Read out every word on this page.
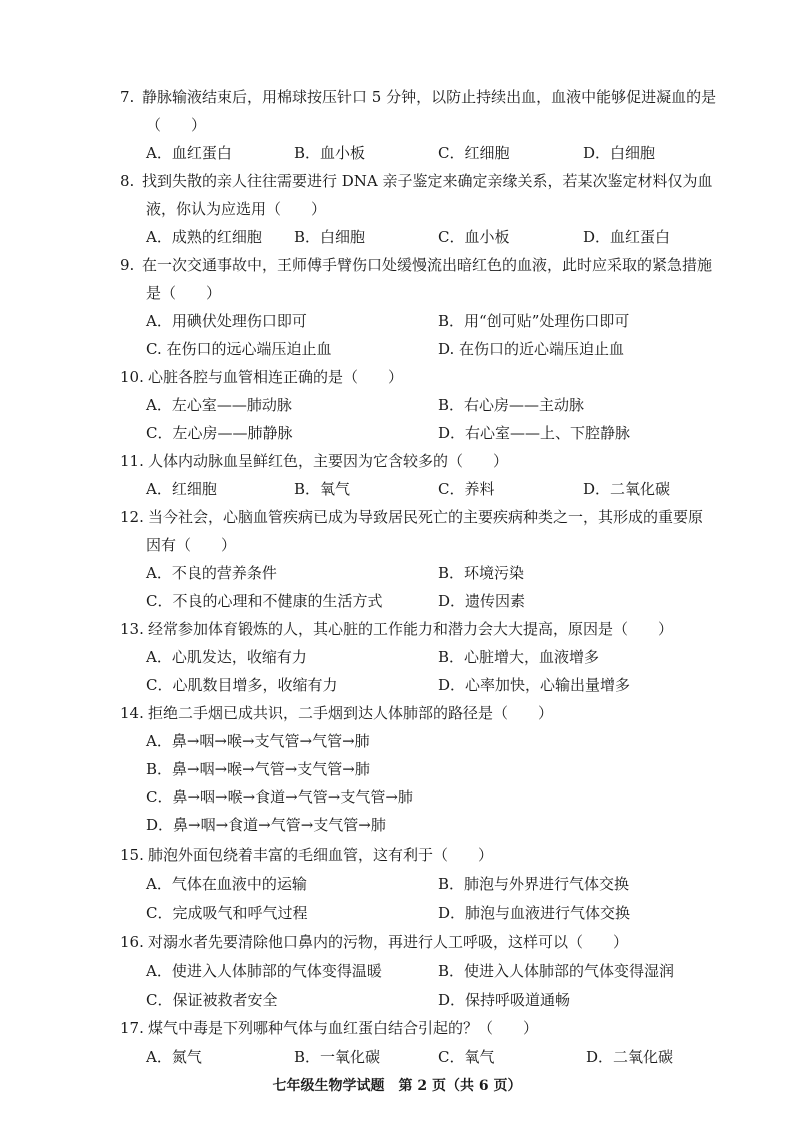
7. 静脉输液结束后，用棉球按压针口 5 分钟，以防止持续出血，血液中能够促进凝血的是
（　　）
A．血红蛋白	B．血小板	C．红细胞	D．白细胞
8. 找到失散的亲人往往需要进行 DNA 亲子鉴定来确定亲缘关系，若某次鉴定材料仅为血
液，你认为应选用（　　）
A．成熟的红细胞 B．白细胞	C．血小板	D．血红蛋白
9. 在一次交通事故中，王师傅手臂伤口处缓慢流出暗红色的血液，此时应采取的紧急措施
是（　　）
A．用碘伏处理伤口即可	B．用“创可贴”处理伤口即可
C. 在伤口的远心端压迫止血	D. 在伤口的近心端压迫止血
10. 心脏各腔与血管相连正确的是（　　）
A．左心室——肺动脉	B．右心房——主动脉
C．左心房——肺静脉	D．右心室——上、下腔静脉
11. 人体内动脉血呈鲜红色，主要因为它含较多的（　　）
A．红细胞	B．氧气	C．养料	D．二氧化碳
12. 当今社会，心脑血管疾病已成为导致居民死亡的主要疾病种类之一，其形成的重要原
因有（　　）
A．不良的营养条件	B．环境污染
C．不良的心理和不健康的生活方式	D．遗传因素
13. 经常参加体育锻炼的人，其心脏的工作能力和潜力会大大提高，原因是（　　）
A．心肌发达，收缩有力	B．心脏增大，血液增多
C．心肌数目增多，收缩有力	D．心率加快，心输出量增多
14. 拒绝二手烟已成共识，二手烟到达人体肺部的路径是（　　）
A．鼻→咽→喉→支气管→气管→肺
B．鼻→咽→喉→气管→支气管→肺
C．鼻→咽→喉→食道→气管→支气管→肺
D．鼻→咽→食道→气管→支气管→肺
15. 肺泡外面包绕着丰富的毛细血管，这有利于（　　）
A．气体在血液中的运输	B．肺泡与外界进行气体交换
C．完成吸气和呼气过程	D．肺泡与血液进行气体交换
16. 对溺水者先要清除他口鼻内的污物，再进行人工呼吸，这样可以（　　）
A．使进入人体肺部的气体变得温暖	B．使进入人体肺部的气体变得湿润
C．保证被救者安全	D．保持呼吸道通畅
17. 煤气中毒是下列哪种气体与血红蛋白结合引起的？（　　）
A．氮气	B．一氧化碳	C．氧气	D．二氧化碳
七年级生物学试题　第 2 页（共 6 页）
